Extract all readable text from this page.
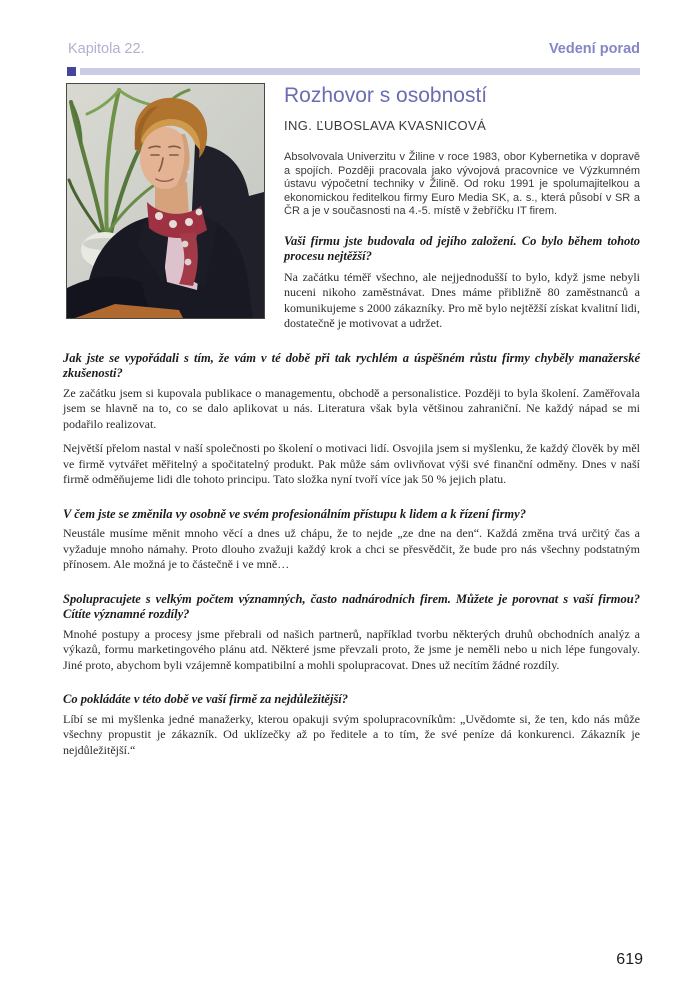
Kapitola 22.	Vedení porad
Rozhovor s osobností
ING. ĽUBOSLAVA KVASNICOVÁ

Absolvovala Univerzitu v Žiline v roce 1983, obor Kybernetika v dopravě a spojích. Později pracovala jako vývojová pracovnice ve Výzkumném ústavu výpočetní techniky v Žilině. Od roku 1991 je spolumajitelkou a ekonomickou ředitelkou firmy Euro Media SK, a. s., která působí v SR a ČR a je v současnosti na 4.-5. místě v žebříčku IT firem.

Vaši firmu jste budovala od jejího založení. Co bylo během tohoto procesu nejtěžší?

Na začátku téměř všechno, ale nejjednodušší to bylo, když jsme nebyli nuceni nikoho zaměstnávat. Dnes máme přibližně 80 zaměstnanců a komunikujeme s 2000 zákazníky. Pro mě bylo nejtěžší získat kvalitní lidi, dostatečně je motivovat a udržet.

Jak jste se vypořádali s tím, že vám v té době při tak rychlém a úspěšném růstu firmy chyběly manažerské zkušenosti?

Ze začátku jsem si kupovala publikace o managementu, obchodě a personalistice. Později to byla školení. Zaměřovala jsem se hlavně na to, co se dalo aplikovat u nás. Literatura však byla většinou zahraniční. Ne každý nápad se mi podařilo realizovat.

Největší přelom nastal v naší společnosti po školení o motivaci lidí. Osvojila jsem si myšlenku, že každý člověk by měl ve firmě vytvářet měřitelný a spočitatelný produkt. Pak může sám ovlivňovat výši své finanční odměny. Dnes v naší firmě odměňujeme lidi dle tohoto principu. Tato složka nyní tvoří více jak 50 % jejich platu.

V čem jste se změnila vy osobně ve svém profesionálním přístupu k lidem a k řízení firmy?

Neustále musíme měnit mnoho věcí a dnes už chápu, že to nejde „ze dne na den“. Každá změna trvá určitý čas a vyžaduje mnoho námahy. Proto dlouho zvažuji každý krok a chci se přesvědčit, že bude pro nás všechny podstatným přínosem. Ale možná je to částečně i ve mně…

Spolupracujete s velkým počtem významných, často nadnárodních firem. Můžete je porovnat s vaší firmou? Cítíte významné rozdíly?

Mnohé postupy a procesy jsme přebrali od našich partnerů, například tvorbu některých druhů obchodních analýz a výkazů, formu marketingového plánu atd. Některé jsme převzali proto, že jsme je neměli nebo u nich lépe fungovaly. Jiné proto, abychom byli vzájemně kompatibilní a mohli spolupracovat. Dnes už necítím žádné rozdíly.

Co pokládáte v této době ve vaší firmě za nejdůležitější?

Líbí se mi myšlenka jedné manažerky, kterou opakuji svým spolupracovníkům: „Uvědomte si, že ten, kdo nás může všechny propustit je zákazník. Od uklízečky až po ředitele a to tím, že své peníze dá konkurenci. Zákazník je nejdůležitější.“

619
